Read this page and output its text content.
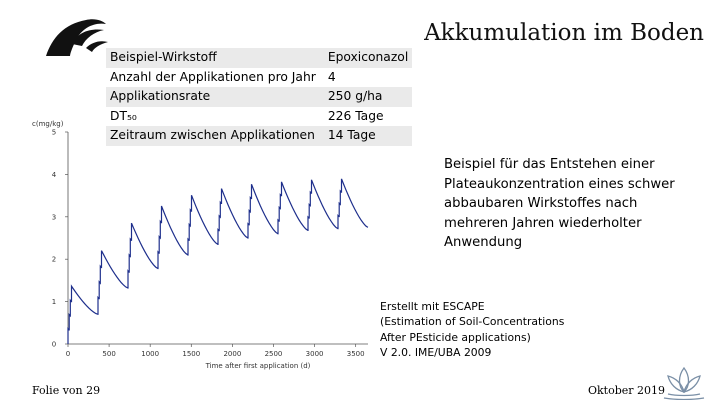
Akkumulation im Boden
Beispiel-Wirkstoff	Epoxiconazol
Anzahl der Applikationen pro Jahr	4
Applikationsrate	250 g/ha
DT₅₀	226 Tage
Zeitraum zwischen Applikationen	14 Tage
0
1
2
3
4
5
0	500	1000	1500	2000	2500	3000	3500
c(mg/kg)
Time after first application (d)
Beispiel für das Entstehen einer
Plateaukonzentration eines schwer
abbaubaren Wirkstoffes nach
mehreren Jahren wiederholter
Anwendung
Erstellt mit ESCAPE
(Estimation of Soil-Concentrations
After PEsticide applications)
V 2.0. IME/UBA 2009
Folie von 29	Oktober 2019
